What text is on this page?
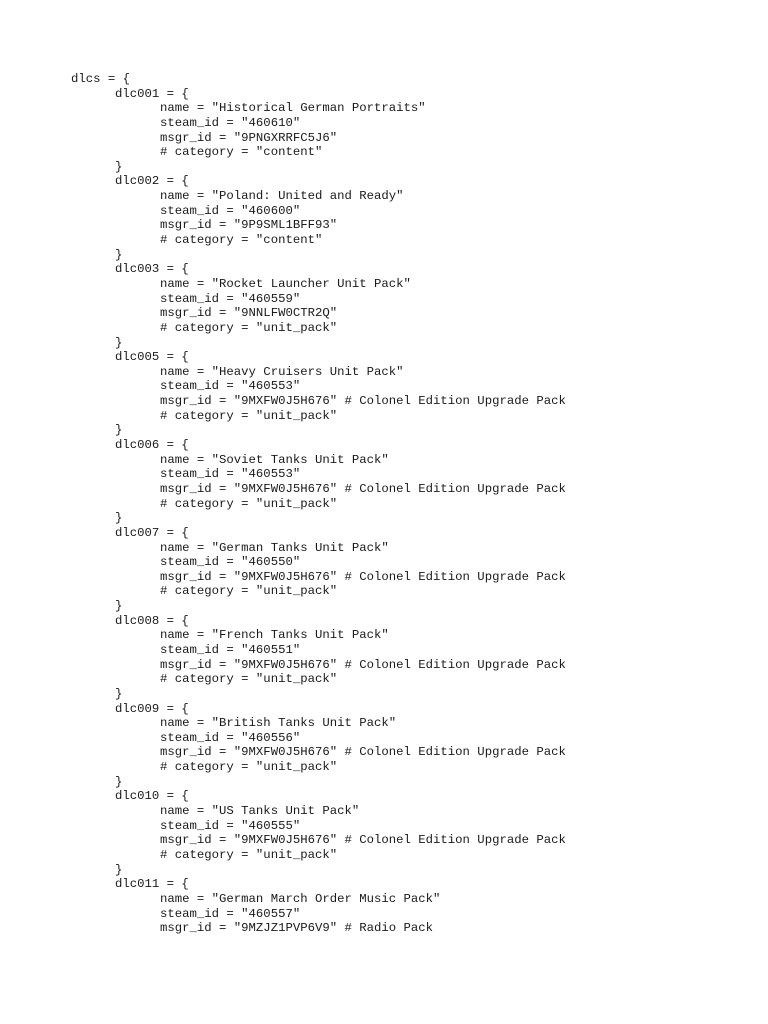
dlcs = {
dlc001 = {
name = "Historical German Portraits"
steam_id = "460610"
msgr_id = "9PNGXRRFC5J6"
# category = "content"
}
dlc002 = {
name = "Poland: United and Ready"
steam_id = "460600"
msgr_id = "9P9SML1BFF93"
# category = "content"
}
dlc003 = {
name = "Rocket Launcher Unit Pack"
steam_id = "460559"
msgr_id = "9NNLFW0CTR2Q"
# category = "unit_pack"
}
dlc005 = {
name = "Heavy Cruisers Unit Pack"
steam_id = "460553"
msgr_id = "9MXFW0J5H676" # Colonel Edition Upgrade Pack
# category = "unit_pack"
}
dlc006 = {
name = "Soviet Tanks Unit Pack"
steam_id = "460553"
msgr_id = "9MXFW0J5H676" # Colonel Edition Upgrade Pack
# category = "unit_pack"
}
dlc007 = {
name = "German Tanks Unit Pack"
steam_id = "460550"
msgr_id = "9MXFW0J5H676" # Colonel Edition Upgrade Pack
# category = "unit_pack"
}
dlc008 = {
name = "French Tanks Unit Pack"
steam_id = "460551"
msgr_id = "9MXFW0J5H676" # Colonel Edition Upgrade Pack
# category = "unit_pack"
}
dlc009 = {
name = "British Tanks Unit Pack"
steam_id = "460556"
msgr_id = "9MXFW0J5H676" # Colonel Edition Upgrade Pack
# category = "unit_pack"
}
dlc010 = {
name = "US Tanks Unit Pack"
steam_id = "460555"
msgr_id = "9MXFW0J5H676" # Colonel Edition Upgrade Pack
# category = "unit_pack"
}
dlc011 = {
name = "German March Order Music Pack"
steam_id = "460557"
msgr_id = "9MZJZ1PVP6V9" # Radio Pack
